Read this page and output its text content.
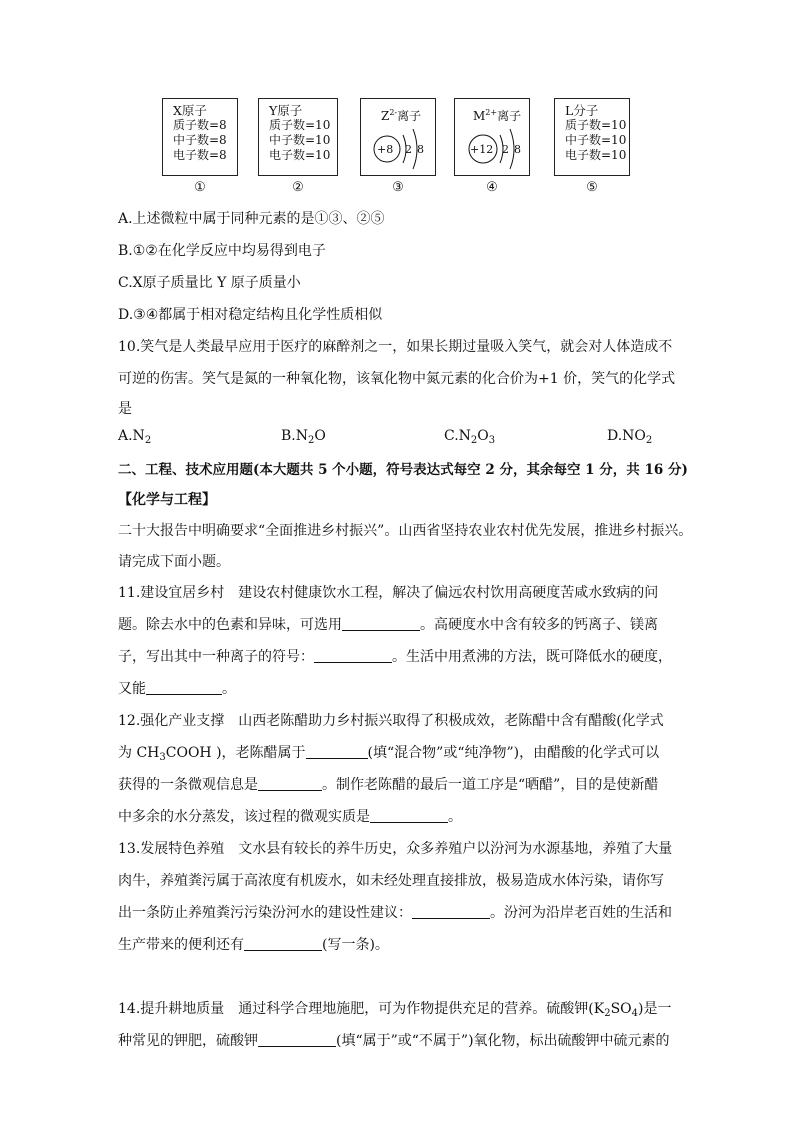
X原子
质子数=8
中子数=8
电子数=8
①
Y原子
质子数=10
中子数=10
电子数=10
②
$Z^{2-}$离子
+8 2 8
③
$M^{2+}$离子
+12 2 8
④
L分子
质子数=10
中子数=10
电子数=10
⑤
A.上述微粒中属于同种元素的是①③、②⑤
B.①②在化学反应中均易得到电子
C.X原子质量比 Y 原子质量小
D.③④都属于相对稳定结构且化学性质相似
10.笑气是人类最早应用于医疗的麻醉剂之一，如果长期过量吸入笑气，就会对人体造成不
可逆的伤害。笑气是氮的一种氧化物，该氧化物中氮元素的化合价为+1 价，笑气的化学式
是
$A.N_2$	$B.N_2O$	$C.N_2O_3$	$D.NO_2$
二、工程、技术应用题(本大题共 5 个小题，符号表达式每空 2 分，其余每空 1 分，共 16 分)
【化学与工程】
二十大报告中明确要求“全面推进乡村振兴”。山西省坚持农业农村优先发展，推进乡村振兴。
请完成下面小题。
11.建设宜居乡村　建设农村健康饮水工程，解决了偏远农村饮用高硬度苦咸水致病的问
题。除去水中的色素和异味，可选用	。高硬度水中含有较多的钙离子、镁离
子，写出其中一种离子的符号：	。生活中用煮沸的方法，既可降低水的硬度，
又能	。
12.强化产业支撑　山西老陈醋助力乡村振兴取得了积极成效，老陈醋中含有醋酸(化学式
为 $CH_3COOH$ )，老陈醋属于	(填“混合物”或“纯净物”)，由醋酸的化学式可以
获得的一条微观信息是	。制作老陈醋的最后一道工序是“晒醋”，目的是使新醋
中多余的水分蒸发，该过程的微观实质是	。
13.发展特色养殖　文水县有较长的养牛历史，众多养殖户以汾河为水源基地，养殖了大量
肉牛，养殖粪污属于高浓度有机废水，如未经处理直接排放，极易造成水体污染，请你写
出一条防止养殖粪污污染汾河水的建设性建议：	。汾河为沿岸老百姓的生活和
生产带来的便利还有	(写一条)。
14.提升耕地质量　通过科学合理地施肥，可为作物提供充足的营养。硫酸钾$(K_2SO_4)$是一
种常见的钾肥，硫酸钾	(填“属于”或“不属于”)氧化物，标出硫酸钾中硫元素的
